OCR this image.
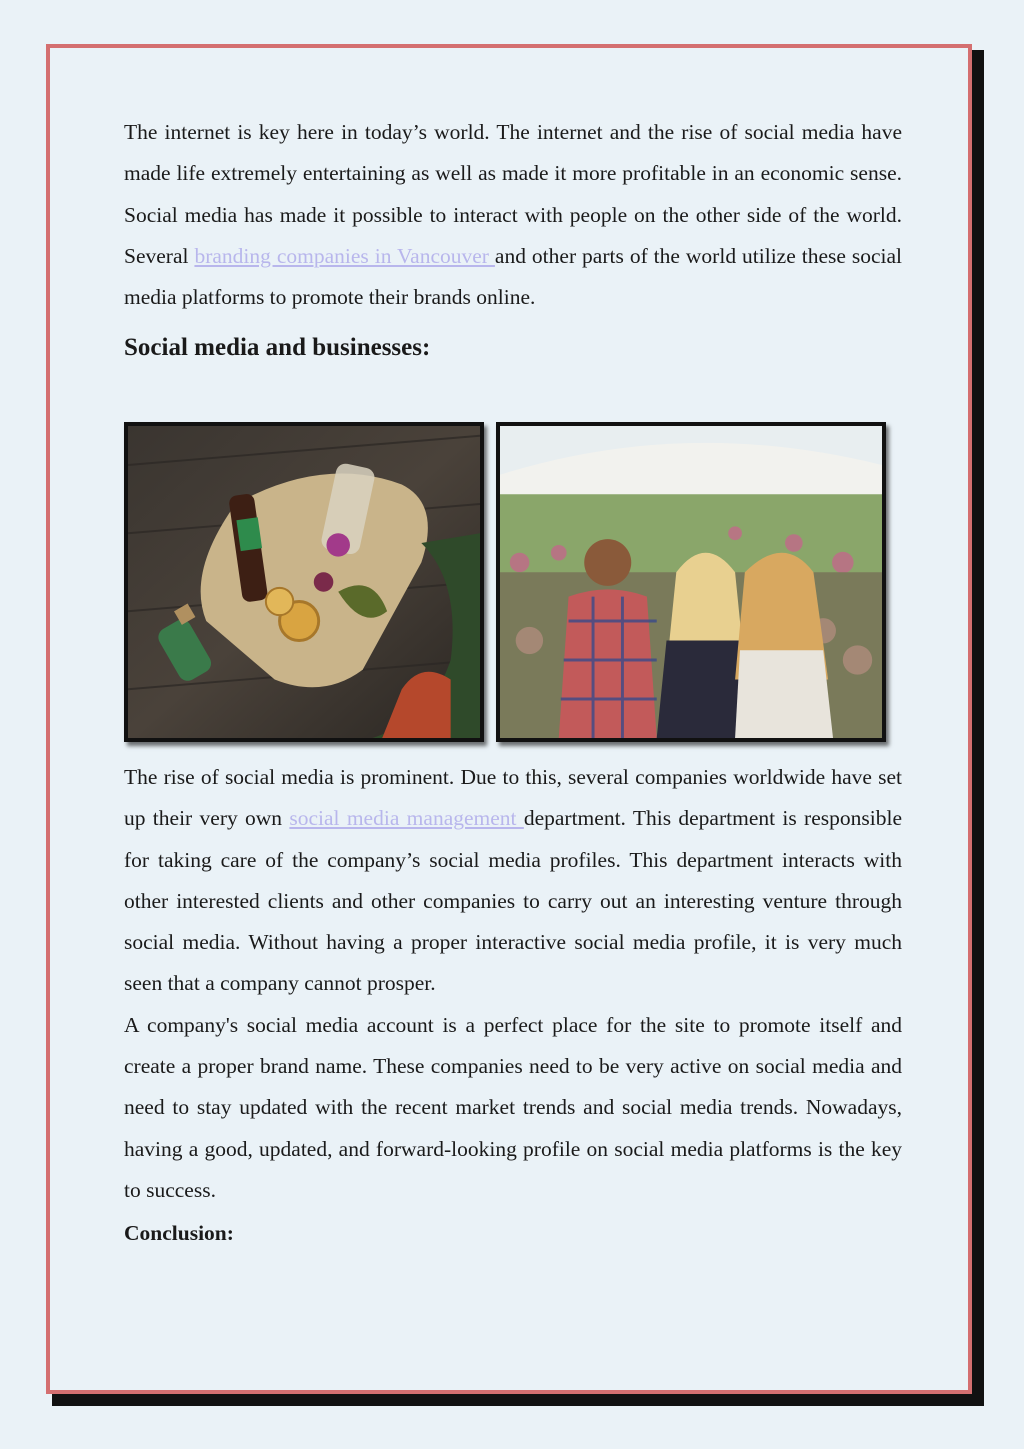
The internet is key here in today’s world. The internet and the rise of social media have made life extremely entertaining as well as made it more profitable in an economic sense. Social media has made it possible to interact with people on the other side of the world. Several branding companies in Vancouver and other parts of the world utilize these social media platforms to promote their brands online.

Social media and businesses:

The rise of social media is prominent. Due to this, several companies worldwide have set up their very own social media management department. This department is responsible for taking care of the company’s social media profiles. This department interacts with other interested clients and other companies to carry out an interesting venture through social media. Without having a proper interactive social media profile, it is very much seen that a company cannot prosper.

A company's social media account is a perfect place for the site to promote itself and create a proper brand name. These companies need to be very active on social media and need to stay updated with the recent market trends and social media trends. Nowadays, having a good, updated, and forward-looking profile on social media platforms is the key to success.

Conclusion:
